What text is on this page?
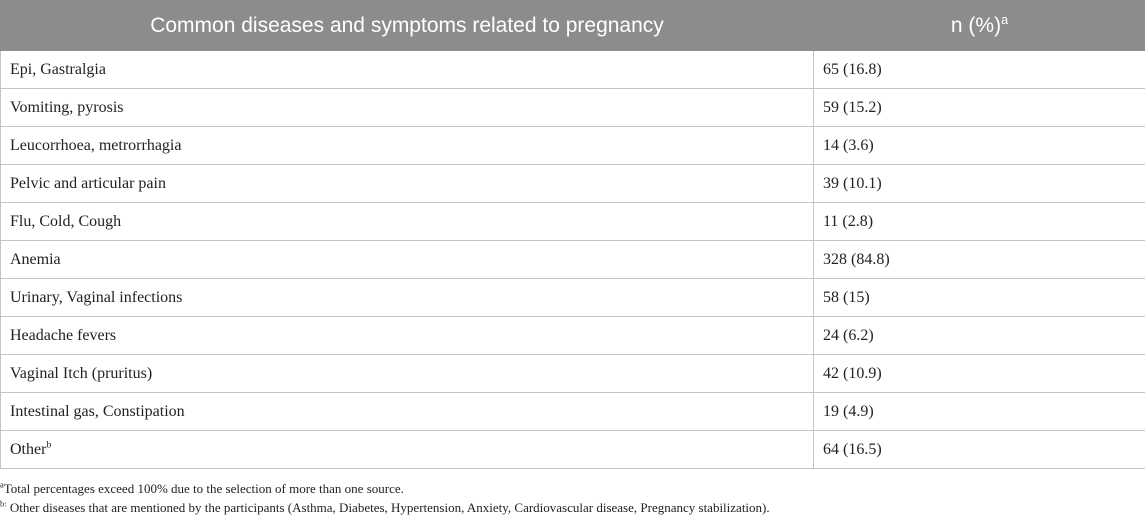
Common diseases and symptoms related to pregnancy	n (%)$^a$
Epi, Gastralgia	65 (16.8)
Vomiting, pyrosis	59 (15.2)
Leucorrhoea, metrorrhagia	14 (3.6)
Pelvic and articular pain	39 (10.1)
Flu, Cold, Cough	11 (2.8)
Anemia	328 (84.8)
Urinary, Vaginal infections	58 (15)
Headache fevers	24 (6.2)
Vaginal Itch (pruritus)	42 (10.9)
Intestinal gas, Constipation	19 (4.9)
Other$^b$	64 (16.5)
$^a$Total percentages exceed 100% due to the selection of more than one source.
$^{b:}$ Other diseases that are mentioned by the participants (Asthma, Diabetes, Hypertension, Anxiety, Cardiovascular disease, Pregnancy stabilization).
